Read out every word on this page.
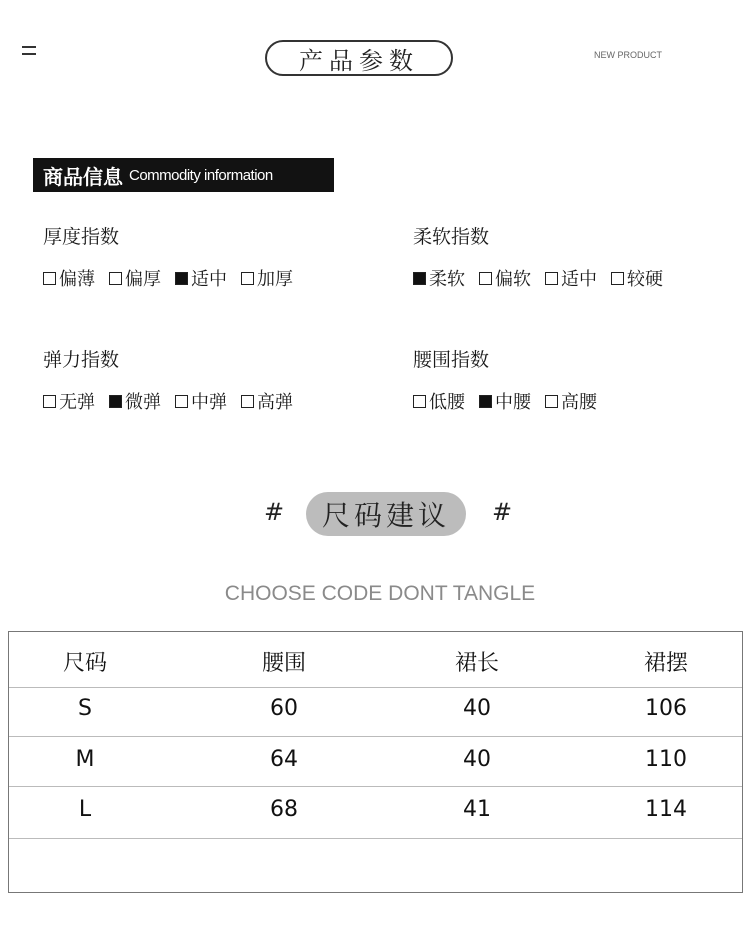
产品参数	NEW PRODUCT
商品信息 Commodity information
厚度指数
偏薄 偏厚 适中 加厚
柔软指数
柔软 偏软 适中 较硬
弹力指数
无弹 微弹 中弹 高弹
腰围指数
低腰 中腰 高腰
#	尺码建议	#
CHOOSE CODE DONT TANGLE
尺码	腰围	裙长	裙摆
S	60	40	106
M	64	40	110
L	68	41	114
